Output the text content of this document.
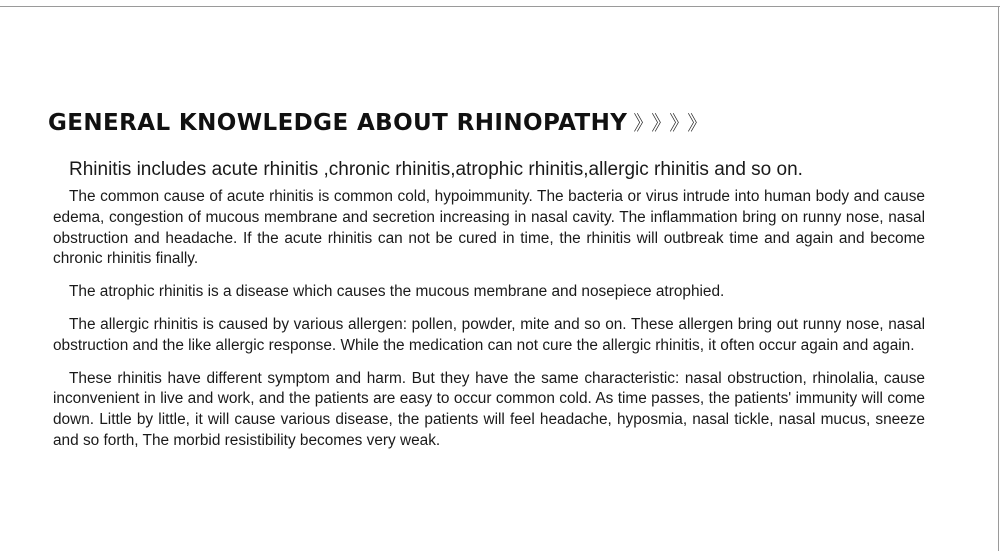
GENERAL KNOWLEDGE ABOUT RHINOPATHY 》》》》
Rhinitis includes acute rhinitis ,chronic rhinitis,atrophic rhinitis,allergic rhinitis and so on.

The common cause of acute rhinitis is common cold, hypoimmunity. The bacteria or virus intrude into human body and cause edema, congestion of mucous membrane and secretion increasing in nasal cavity. The inflammation bring on runny nose, nasal obstruction and headache. If the acute rhinitis can not be cured in time, the rhinitis will outbreak time and again and become chronic rhinitis finally.

The atrophic rhinitis is a disease which causes the mucous membrane and nosepiece atrophied.

The allergic rhinitis is caused by various allergen: pollen, powder, mite and so on. These allergen bring out runny nose, nasal obstruction and the like allergic response. While the medication can not cure the allergic rhinitis, it often occur again and again.

These rhinitis have different symptom and harm. But they have the same characteristic: nasal obstruction, rhinolalia, cause inconvenient in live and work, and the patients are easy to occur common cold. As time passes, the patients' immunity will come down. Little by little, it will cause various disease, the patients will feel headache, hyposmia, nasal tickle, nasal mucus, sneeze and so forth, The morbid resistibility becomes very weak.
